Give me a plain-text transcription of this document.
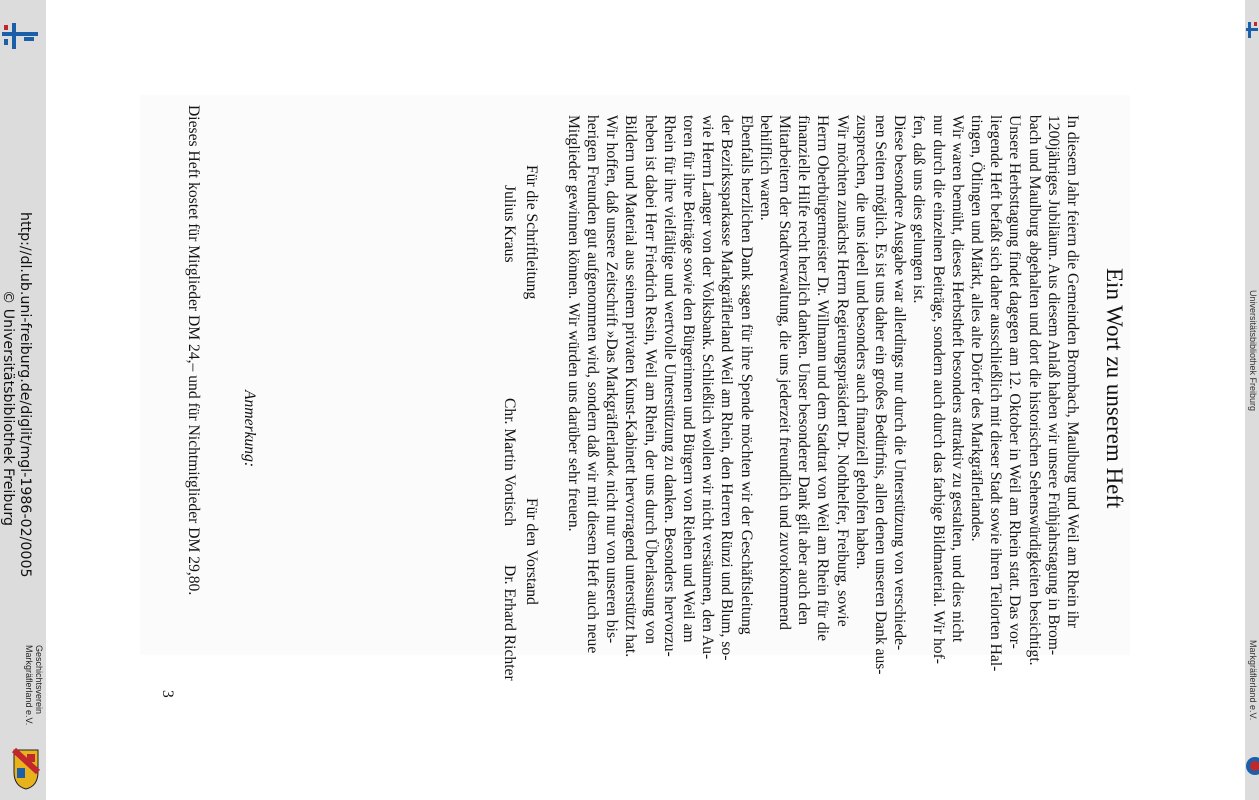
http://dl.ub.uni-freiburg.de/diglit/mgl-1986-02/0005
© Universitätsbibliothek Freiburg
Geschichtsverein
Markgräflerland e.V.
Universitätsbibliothek Freiburg
Markgräflerland e.V.
Ein Wort zu unserem Heft
In diesem Jahr feiern die Gemeinden Brombach, Maulburg und Weil am Rhein ihr
1200jähriges Jubiläum. Aus diesem Anlaß haben wir unsere Frühjahrstagung in Brom-
bach und Maulburg abgehalten und dort die historischen Sehenswürdigkeiten besichtigt.
Unsere Herbsttagung findet dagegen am 12. Oktober in Weil am Rhein statt. Das vor-
liegende Heft befaßt sich daher ausschließlich mit dieser Stadt sowie ihren Teilorten Hal-
tingen, Ötlingen und Märkt, alles alte Dörfer des Markgräflerlandes.
Wir waren bemüht, dieses Herbstheft besonders attraktiv zu gestalten, und dies nicht
nur durch die einzelnen Beiträge, sondern auch durch das farbige Bildmaterial. Wir hof-
fen, daß uns dies gelungen ist.
Diese besondere Ausgabe war allerdings nur durch die Unterstützung von verschiede-
nen Seiten möglich. Es ist uns daher ein großes Bedürfnis, allen denen unseren Dank aus-
zusprechen, die uns ideell und besonders auch finanziell geholfen haben.
Wir möchten zunächst Herrn Regierungspräsident Dr. Nothhelfer, Freiburg, sowie
Herrn Oberbürgermeister Dr. Willmann und dem Stadtrat von Weil am Rhein für die
finanzielle Hilfe recht herzlich danken. Unser besonderer Dank gilt aber auch den
Mitarbeitern der Stadtverwaltung, die uns jederzeit freundlich und zuvorkommend
behilflich waren.
Ebenfalls herzlichen Dank sagen für ihre Spende möchten wir der Geschäftsleitung
der Bezirkssparkasse Markgräflerland Weil am Rhein, den Herren Rünzi und Blum, so-
wie Herrn Langer von der Volksbank. Schließlich wollen wir nicht versäumen, den Au-
toren für ihre Beiträge sowie den Bürgerinnen und Bürgern von Riehen und Weil am
Rhein für ihre vielfältige und wertvolle Unterstützung zu danken. Besonders hervorzu-
heben ist dabei Herr Friedrich Resin, Weil am Rhein, der uns durch Überlassung von
Bildern und Material aus seinem privaten Kunst-Kabinett hervorragend unterstützt hat.
Wir hoffen, daß unsere Zeitschrift »Das Markgräflerland« nicht nur von unseren bis-
herigen Freunden gut aufgenommen wird, sondern daß wir mit diesem Heft auch neue
Mitglieder gewinnen können. Wir würden uns darüber sehr freuen.
Für die Schriftleitung
Julius Kraus
Für den Vorstand
Chr. Martin Vortisch          Dr. Erhard Richter
Anmerkung:
Dieses Heft kostet für Mitglieder DM 24,– und für Nichtmitglieder DM 29,80.
3
